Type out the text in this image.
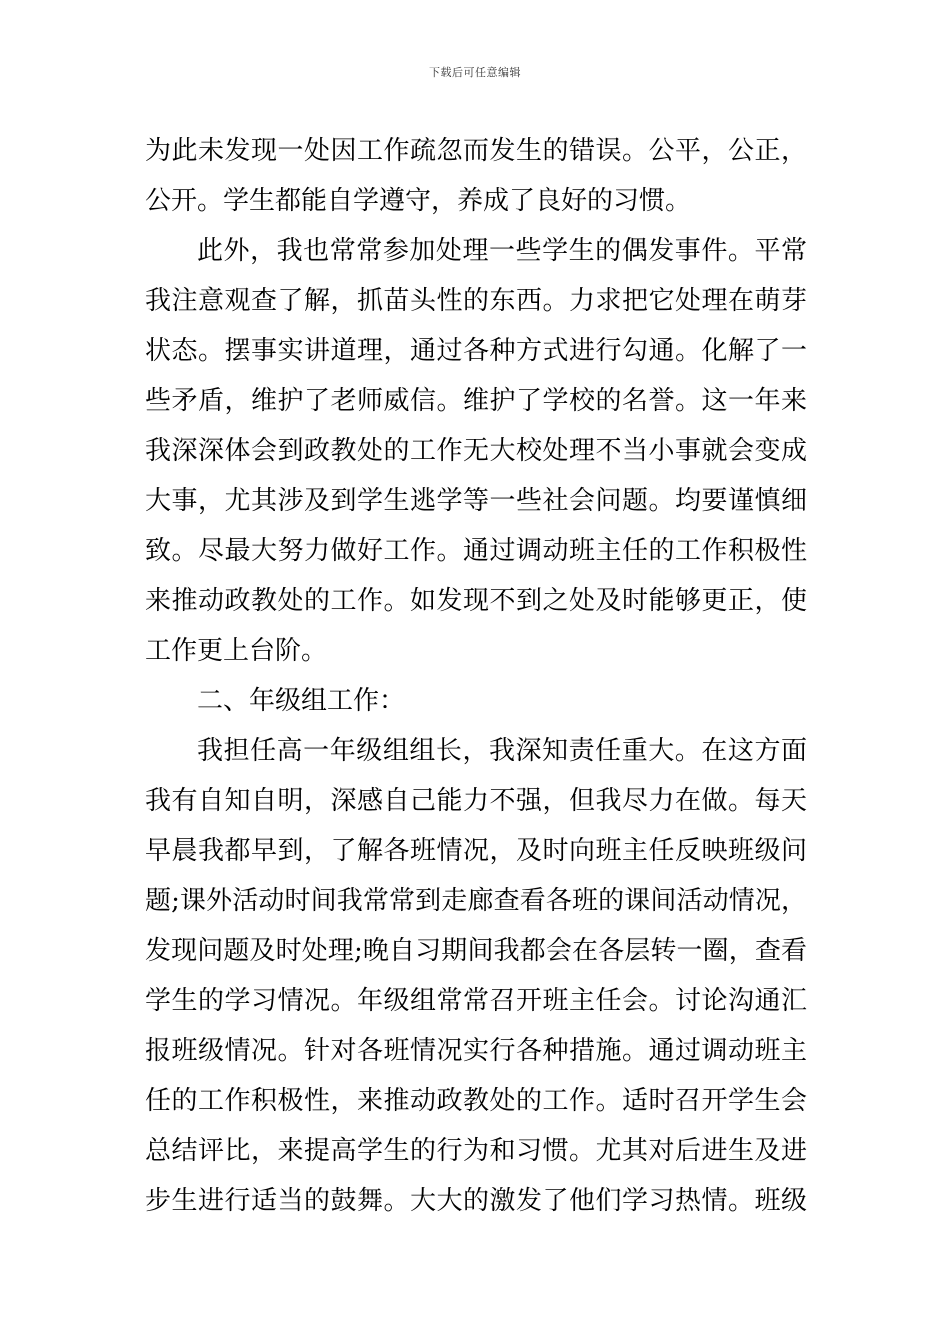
下载后可任意编辑
为此未发现一处因工作疏忽而发生的错误。公平，公正，
公开。学生都能自学遵守，养成了良好的习惯。
此外，我也常常参加处理一些学生的偶发事件。平常
我注意观查了解，抓苗头性的东西。力求把它处理在萌芽
状态。摆事实讲道理，通过各种方式进行勾通。化解了一
些矛盾，维护了老师威信。维护了学校的名誉。这一年来
我深深体会到政教处的工作无大校处理不当小事就会变成
大事，尤其涉及到学生逃学等一些社会问题。均要谨慎细
致。尽最大努力做好工作。通过调动班主任的工作积极性
来推动政教处的工作。如发现不到之处及时能够更正，使
工作更上台阶。
二、年级组工作：
我担任高一年级组组长，我深知责任重大。在这方面
我有自知自明，深感自己能力不强，但我尽力在做。每天
早晨我都早到，了解各班情况，及时向班主任反映班级问
题;课外活动时间我常常到走廊查看各班的课间活动情况，
发现问题及时处理;晚自习期间我都会在各层转一圈，查看
学生的学习情况。年级组常常召开班主任会。讨论沟通汇
报班级情况。针对各班情况实行各种措施。通过调动班主
任的工作积极性，来推动政教处的工作。适时召开学生会
总结评比，来提高学生的行为和习惯。尤其对后进生及进
步生进行适当的鼓舞。大大的激发了他们学习热情。班级
